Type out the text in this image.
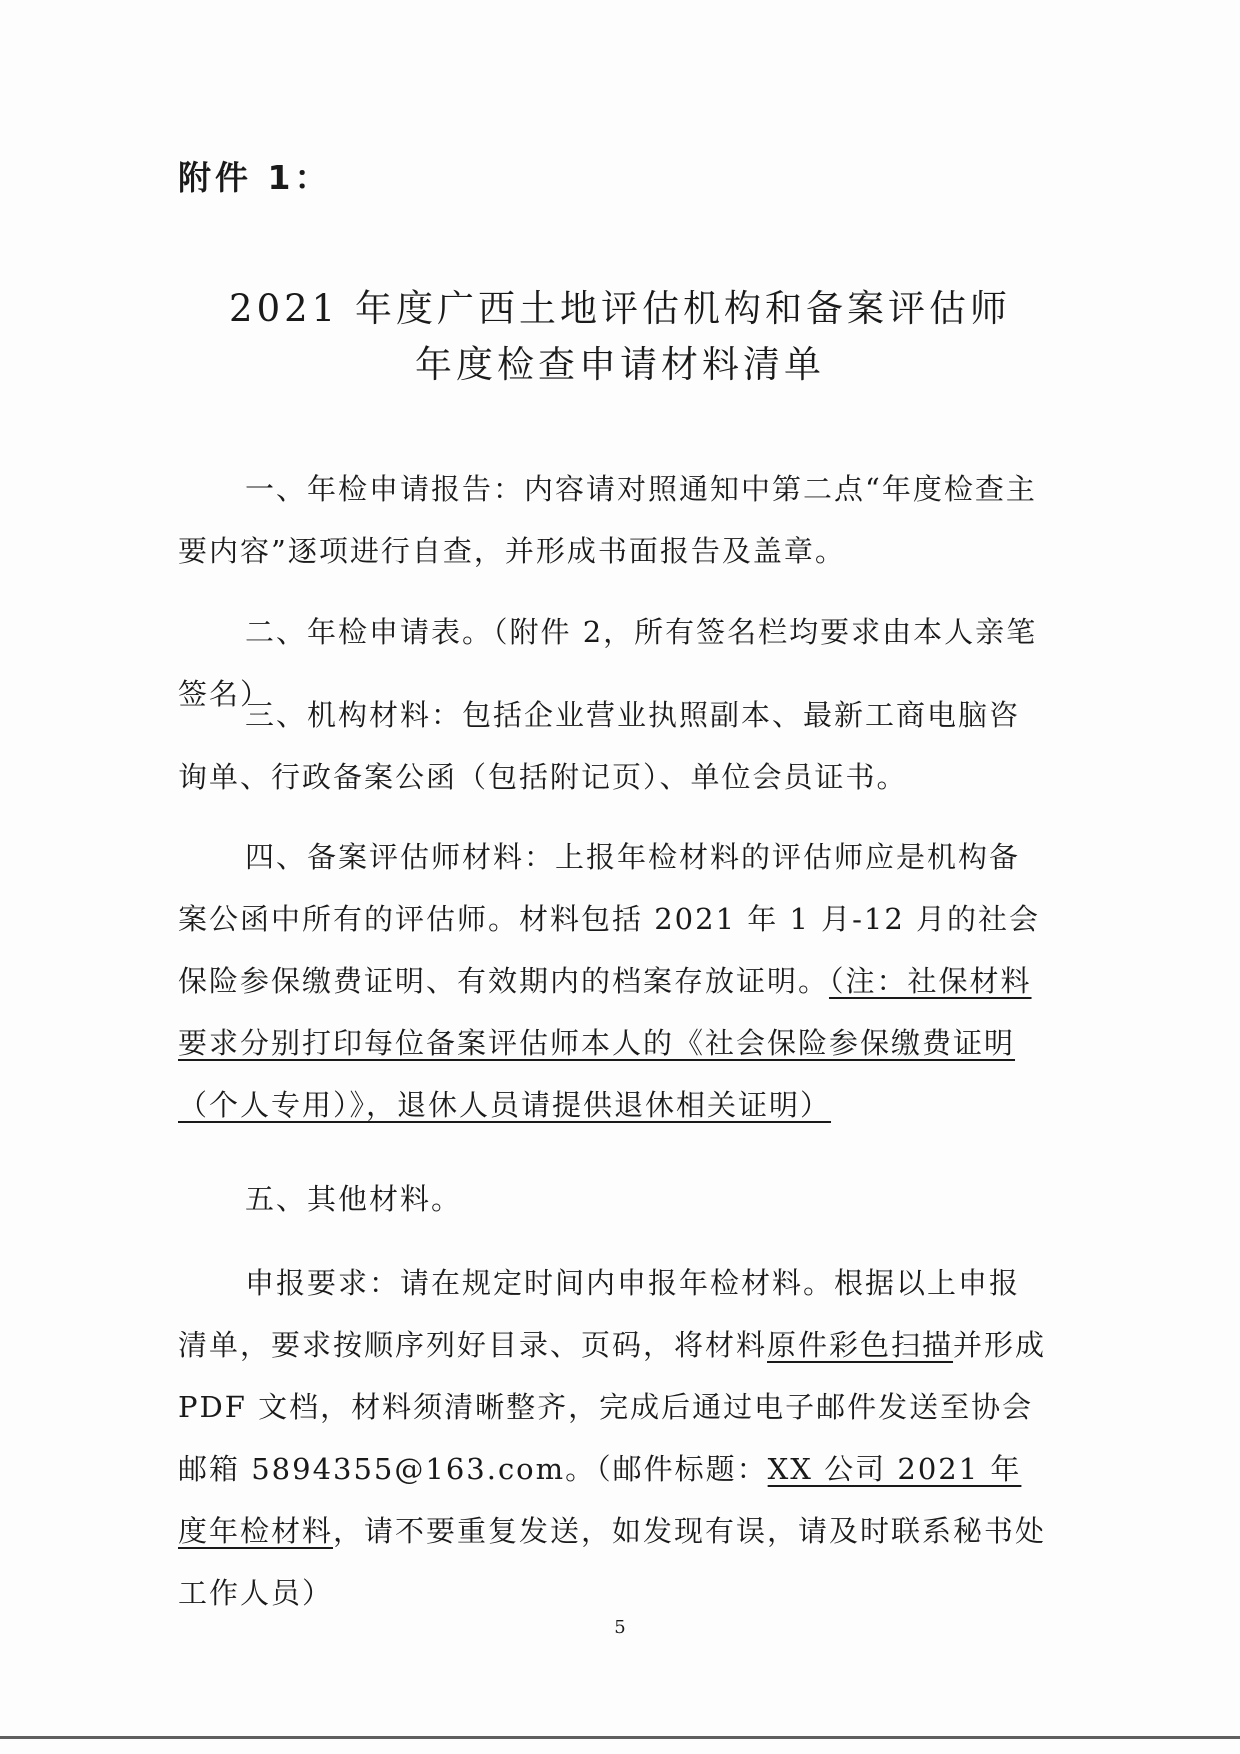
附件 1：
2021 年度广西土地评估机构和备案评估师
年度检查申请材料清单

一、年检申请报告：内容请对照通知中第二点“年度检查主要内容”逐项进行自查，并形成书面报告及盖章。

二、年检申请表。（附件 2，所有签名栏均要求由本人亲笔签名）

三、机构材料：包括企业营业执照副本、最新工商电脑咨询单、行政备案公函（包括附记页）、单位会员证书。

四、备案评估师材料：上报年检材料的评估师应是机构备案公函中所有的评估师。材料包括 2021 年 1 月-12 月的社会保险参保缴费证明、有效期内的档案存放证明。（注：社保材料要求分别打印每位备案评估师本人的《社会保险参保缴费证明（个人专用）》，退休人员请提供退休相关证明）

五、其他材料。

申报要求：请在规定时间内申报年检材料。根据以上申报清单，要求按顺序列好目录、页码，将材料原件彩色扫描并形成 PDF 文档，材料须清晰整齐，完成后通过电子邮件发送至协会邮箱 5894355@163.com。（邮件标题：XX 公司 2021 年度年检材料，请不要重复发送，如发现有误，请及时联系秘书处工作人员）

5
